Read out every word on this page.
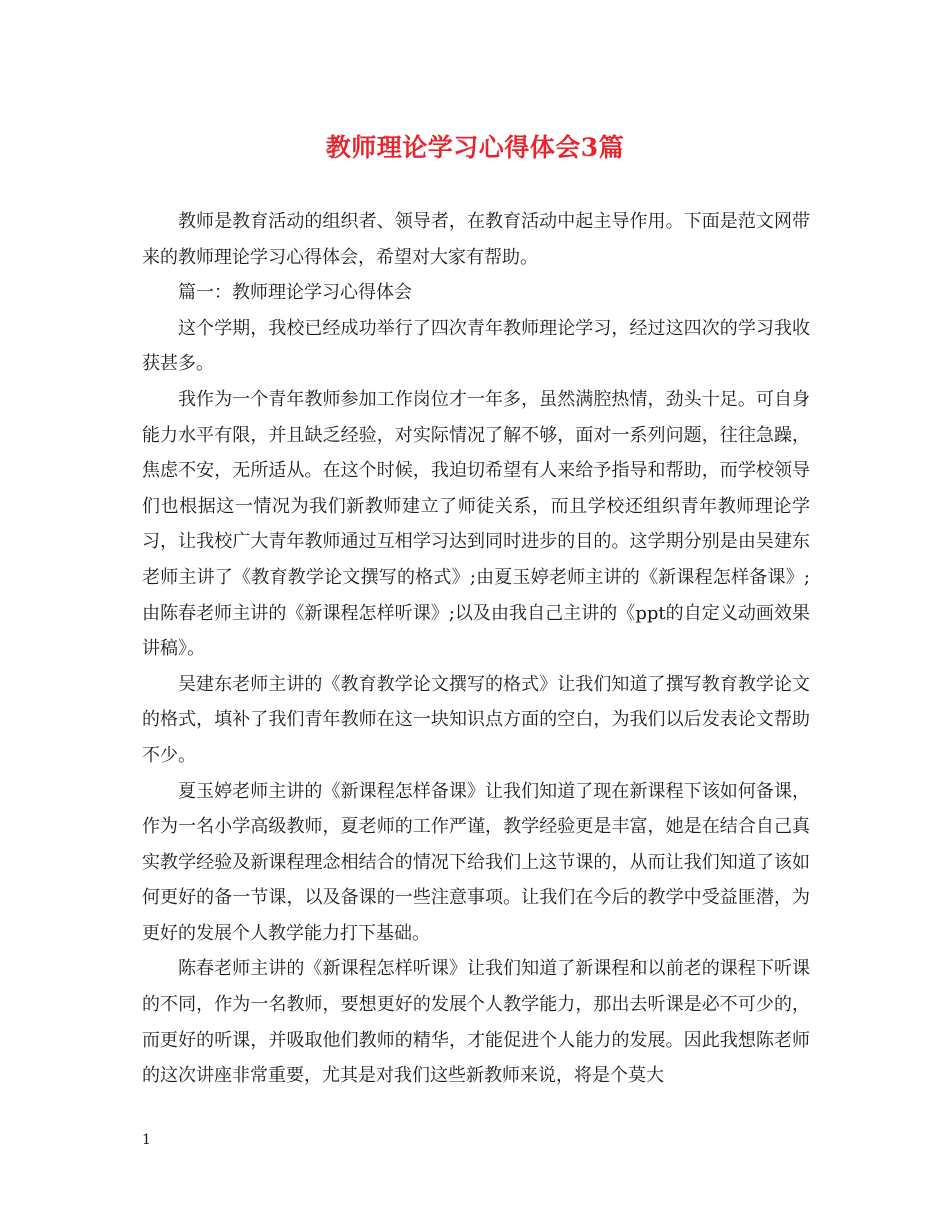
教师理论学习心得体会3篇

教师是教育活动的组织者、领导者，在教育活动中起主导作用。下面是范文网带来的教师理论学习心得体会，希望对大家有帮助。

篇一：教师理论学习心得体会

这个学期，我校已经成功举行了四次青年教师理论学习，经过这四次的学习我收获甚多。

我作为一个青年教师参加工作岗位才一年多，虽然满腔热情，劲头十足。可自身能力水平有限，并且缺乏经验，对实际情况了解不够，面对一系列问题，往往急躁，焦虑不安，无所适从。在这个时候，我迫切希望有人来给予指导和帮助，而学校领导们也根据这一情况为我们新教师建立了师徒关系，而且学校还组织青年教师理论学习，让我校广大青年教师通过互相学习达到同时进步的目的。这学期分别是由吴建东老师主讲了《教育教学论文撰写的格式》;由夏玉婷老师主讲的《新课程怎样备课》;由陈春老师主讲的《新课程怎样听课》;以及由我自己主讲的《ppt的自定义动画效果讲稿》。

吴建东老师主讲的《教育教学论文撰写的格式》让我们知道了撰写教育教学论文的格式，填补了我们青年教师在这一块知识点方面的空白，为我们以后发表论文帮助不少。

夏玉婷老师主讲的《新课程怎样备课》让我们知道了现在新课程下该如何备课，作为一名小学高级教师，夏老师的工作严谨，教学经验更是丰富，她是在结合自己真实教学经验及新课程理念相结合的情况下给我们上这节课的，从而让我们知道了该如何更好的备一节课，以及备课的一些注意事项。让我们在今后的教学中受益匪潜，为更好的发展个人教学能力打下基础。

陈春老师主讲的《新课程怎样听课》让我们知道了新课程和以前老的课程下听课的不同，作为一名教师，要想更好的发展个人教学能力，那出去听课是必不可少的，而更好的听课，并吸取他们教师的精华，才能促进个人能力的发展。因此我想陈老师的这次讲座非常重要，尤其是对我们这些新教师来说，将是个莫大

1
